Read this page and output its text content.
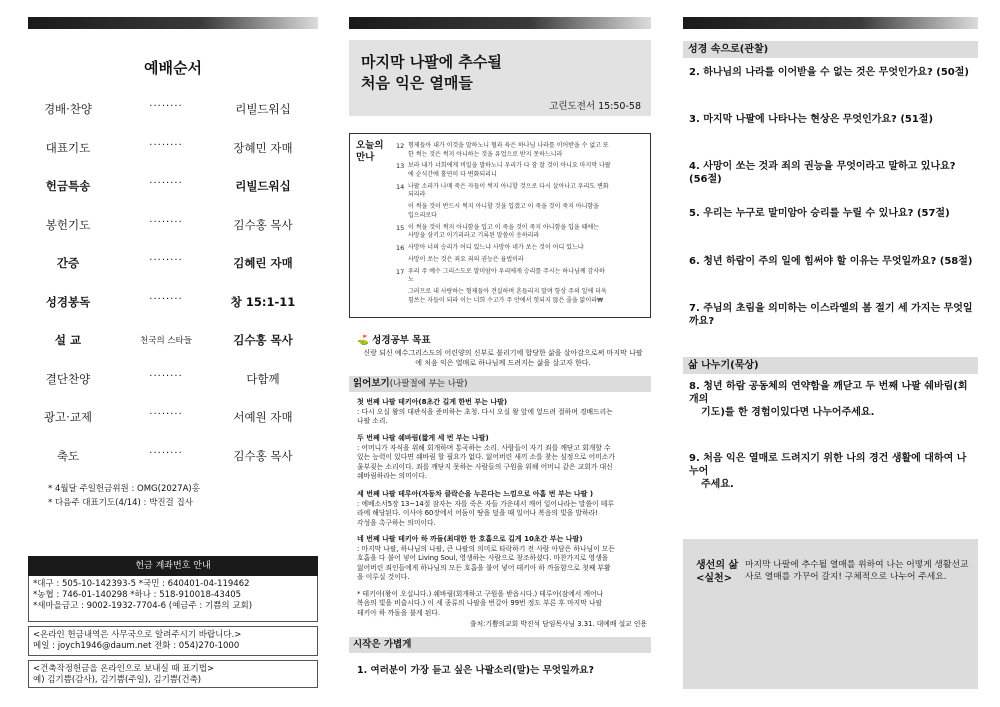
예배순서
경배·찬양	········	리빌드워십
대표기도	········	장혜민 자매
헌금특송	········	리빌드워십
봉헌기도	········	김수홍 목사
간증	········	김혜린 자매
성경봉독	········	창 15:1-11
설 교	천국의 스타들	김수홍 목사
결단찬양	········	다함께
광고·교제	········	서예원 자매
축도	········	김수홍 목사
* 4월달 주일헌금위원 : OMG(2027A)홍
* 다음주 대표기도(4/14) : 박진걸 집사
헌금 계좌번호 안내
*대구 : 505-10-142393-5 *국민 : 640401-04-119462
*농협 : 746-01-140298 *하나 : 518-910018-43405
*새마을금고 : 9002-1932-7704-6 (예금주 : 기쁨의 교회)
<온라인 헌금내역은 사무국으로 알려주시기 바랍니다.>
메일 : joych1946@daum.net 전화 : 054)270-1000
<건축작정헌금을 온라인으로 보내실 때 표기법>
예) 김기쁨(감사), 김기쁨(주일), 김기쁨(건축)
마지막 나팔에 추수될
처음 익은 열매들
고린도전서 15:50-58
오늘의
만나
12 형제들아 내가 이것을 말하노니 혈과 육은 하나님 나라를 이어받을 수 없고 또
한 썩는 것은 썩지 아니하는 것을 유업으로 받지 못하느니라
13 보라 내가 너희에게 비밀을 말하노니 우리가 다 잠 잘 것이 아니요 마지막 나팔
에 순식간에 홀연히 다 변화되리니
14 나팔 소리가 나매 죽은 자들이 썩지 아니할 것으로 다시 살아나고 우리도 변화
되리라
이 썩을 것이 반드시 썩지 아니할 것을 입겠고 이 죽을 것이 죽지 아니함을
입으리로다
15 이 썩을 것이 썩지 아니함을 입고 이 죽을 것이 죽지 아니함을 입을 때에는
사망을 삼키고 이기리라고 기록된 말씀이 응하리라
16 사망아 너의 승리가 어디 있느냐 사망아 네가 쏘는 것이 어디 있느냐
사망이 쏘는 것은 죄요 죄의 권능은 율법이라
17 우리 주 예수 그리스도로 말미암아 우리에게 승리를 주시는 하나님께 감사하
노
그러므로 내 사랑하는 형제들아 견실하며 흔들리지 말며 항상 주의 일에 더욱
힘쓰는 자들이 되라 이는 너희 수고가 주 안에서 헛되지 않은 줄을 앎이라₩
⛳ 성경공부 목표
신랑 되신 예수그리스도의 어린양의 신부로 불리기에 합당한 삶을 살아감으로써 마지막 나팔에 처음 익은 열매로 하나님께 드려지는 삶을 살고자 한다.
읽어보기(나팔절에 부는 나팔)
첫 번째 나팔 테키아(8초간 길게 한번 부는 나팔)
: 다시 오실 왕의 대관식을 준비하는 초청. 다시 오실 왕 앞에 엎드려 절하며 경배드리는
나팔 소리.
두 번째 나팔 쉐바림(짧게 세 번 부는 나팔)
: 어머니가 자식을 위해 회개하며 통곡하는 소리. 사람들이 자기 죄를 깨닫고 회개할 수
있는 능력이 있다면 쉐바림 할 필요가 없다. 잃어버린 새끼 소를 찾는 심정으로 어미소가
울부짖는 소리이다. 죄를 깨닫지 못하는 사람들의 구원을 위해 어머니 같은 교회가 대신
쉐바림하라는 의미이다.
세 번째 나팔 테루아(자동차 클락슨을 누른다는 느낌으로 아홉 번 부는 나팔 )
: 에베소서5장 13~14절 잠자는 자를 죽은 자들 가운데서 깨어 일어나라는 말씀이 테루
라에 해당된다. 이사야 60장에서 어둠이 땅을 덮을 때 일어나 복음의 빛을 발하라!
각성을 촉구하는 의미이다.
네 번째 나팔 테키아 하 까돌(최대한 한 호흡으로 길게 10초간 부는 나팔)
: 마지막 나팔, 하나님의 나팔, 큰 나팔의 의미로 타락하기 전 사람 아담은 하나님이 모든
호흡을 다 불어 넣어 Living Soul, 영생하는 사람으로 창조하셨다. 마찬가지로 영생을
잃어버린 죄인들에게 하나님의 모든 호흡을 불어 넣어 테키아 하 까돌함으로 첫째 부활
을 이루실 것이다.
* 테키아(왕이 오십니다.) 쉐바림(회개하고 구원을 받읍시다.) 테루아(잠에서 깨어나
복음의 빛을 비춥시다.) 이 세 종류의 나팔을 번갈아 99번 정도 부른 후 마지막 나팔
테키아 하 까돌을 불게 된다.
출처:기쁨의교회 박진석 담임목사님 3.31. 대예배 설교 인용
시작은 가볍게
1. 여러분이 가장 듣고 싶은 나팔소리(말)는 무엇일까요?
성경 속으로(관찰)
2. 하나님의 나라를 이어받을 수 없는 것은 무엇인가요? (50절)
3. 마지막 나팔에 나타나는 현상은 무엇인가요? (51절)
4. 사망이 쏘는 것과 죄의 권능을 무엇이라고 말하고 있나요? (56절)
5. 우리는 누구로 말미암아 승리를 누릴 수 있나요? (57절)
6. 청년 하람이 주의 일에 힘써야 할 이유는 무엇일까요? (58절)
7. 주님의 초림을 의미하는 이스라엘의 봄 절기 세 가지는 무엇일까요?
삶 나누기(묵상)
8. 청년 하람 공동체의 연약함을 깨닫고 두 번째 나팔 쉐바림(회개의
기도)를 한 경험이있다면 나누어주세요.
9. 처음 익은 열매로 드려지기 위한 나의 경건 생활에 대하여 나누어
주세요.
생선의 삶
<실천>
마지막 나팔에 추수될 열매를 위하여 나는 어떻게 생활선교사로 열매를 가꾸어 갈지! 구체적으로 나누어 주세요.
